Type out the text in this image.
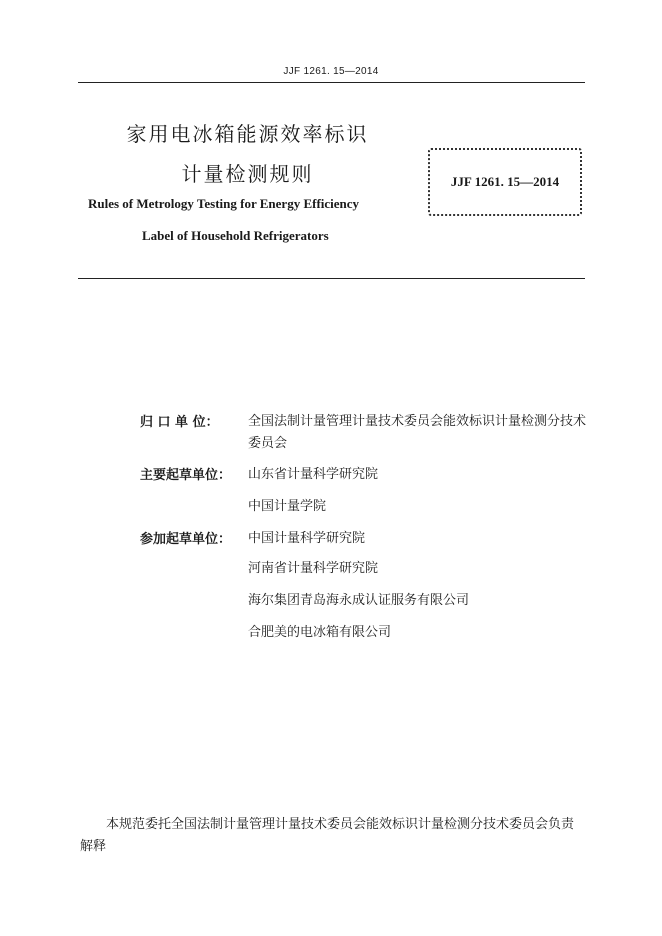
JJF 1261. 15—2014
家用电冰箱能源效率标识
计量检测规则
Rules of Metrology Testing for Energy Efficiency
Label of Household Refrigerators
JJF 1261. 15—2014
归 口 单 位：	全国法制计量管理计量技术委员会能效标识计量检测分技术委员会
主要起草单位：	山东省计量科学研究院
中国计量学院
参加起草单位：	中国计量科学研究院
河南省计量科学研究院
海尔集团青岛海永成认证服务有限公司
合肥美的电冰箱有限公司
本规范委托全国法制计量管理计量技术委员会能效标识计量检测分技术委员会负责解释
